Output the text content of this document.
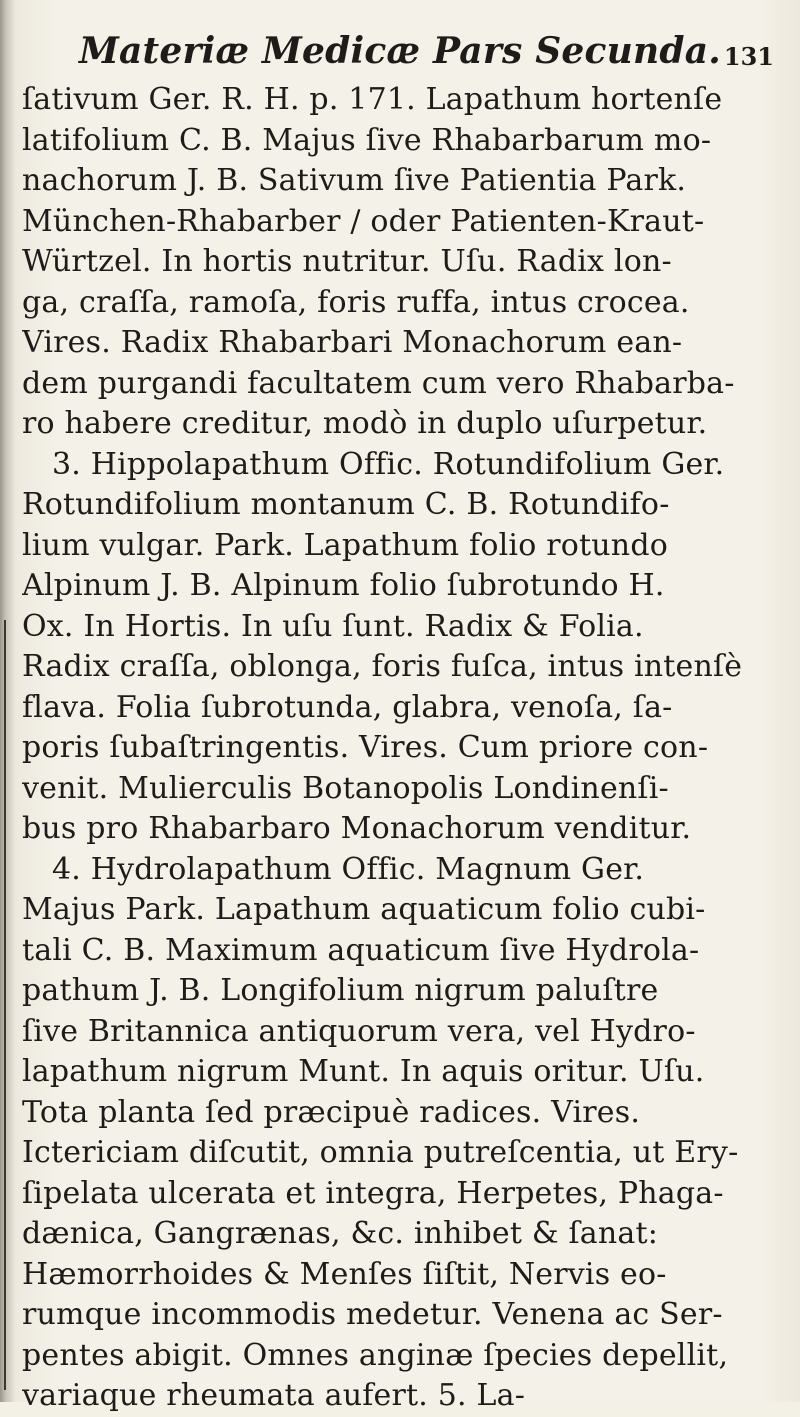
Materiæ Medicæ Pars Secunda. 131
ſativum Ger. R. H. p. 171. Lapathum hortenſe
latifolium C. B. Majus ſive Rhabarbarum mo-
nachorum J. B. Sativum ſive Patientia Park.
München-Rhabarber / oder Patienten-Kraut-
Würtzel. In hortis nutritur. Uſu. Radix lon-
ga, craſſa, ramoſa, foris ruffa, intus crocea.
Vires. Radix Rhabarbari Monachorum ean-
dem purgandi facultatem cum vero Rhabarba-
ro habere creditur, modò in duplo uſurpetur.
3. Hippolapathum Offic. Rotundifolium Ger.
Rotundifolium montanum C. B. Rotundifo-
lium vulgar. Park. Lapathum folio rotundo
Alpinum J. B. Alpinum folio ſubrotundo H.
Ox. In Hortis. In uſu ſunt. Radix & Folia.
Radix craſſa, oblonga, foris fuſca, intus intenſè
flava. Folia ſubrotunda, glabra, venoſa, ſa-
poris ſubaſtringentis. Vires. Cum priore con-
venit. Mulierculis Botanopolis Londinenſi-
bus pro Rhabarbaro Monachorum venditur.
4. Hydrolapathum Offic. Magnum Ger.
Majus Park. Lapathum aquaticum folio cubi-
tali C. B. Maximum aquaticum ſive Hydrola-
pathum J. B. Longifolium nigrum paluſtre
ſive Britannica antiquorum vera, vel Hydro-
lapathum nigrum Munt. In aquis oritur. Uſu.
Tota planta ſed præcipuè radices. Vires.
Ictericiam diſcutit, omnia putreſcentia, ut Ery-
ſipelata ulcerata et integra, Herpetes, Phaga-
dænica, Gangrænas, &c. inhibet & ſanat:
Hæmorrhoides & Menſes ſiſtit, Nervis eo-
rumque incommodis medetur. Venena ac Ser-
pentes abigit. Omnes anginæ ſpecies depellit,
variaque rheumata aufert. 5. La-
